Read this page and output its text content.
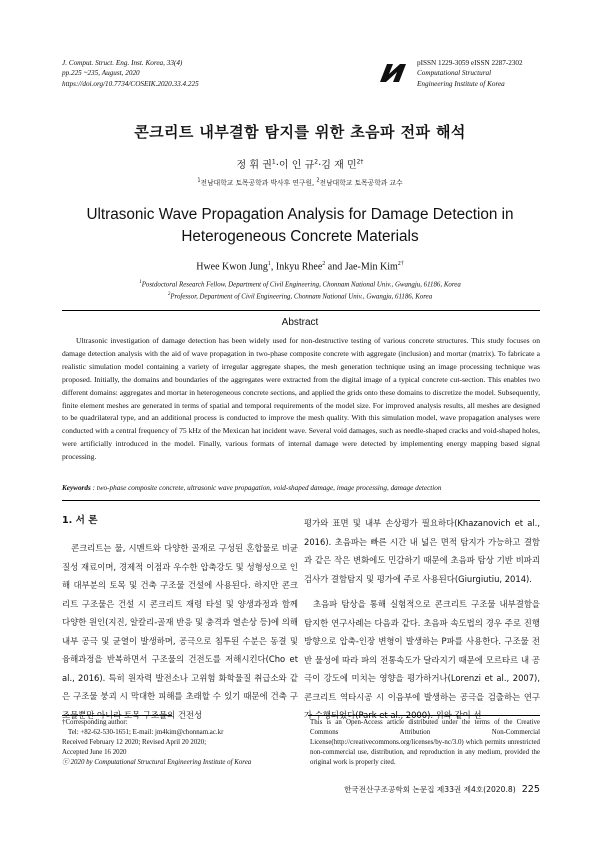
J. Comput. Struct. Eng. Inst. Korea, 33(4)
pp.225 ~235, August, 2020
https://doi.org/10.7734/COSEIK.2020.33.4.225
pISSN 1229-3059 eISSN 2287-2302
Computational Structural
Engineering Institute of Korea
콘크리트 내부결함 탐지를 위한 초음파 전파 해석
정 휘 권$^1$·이 인 규$^2$·김 재 민$^{2\dagger}$
$^1$전남대학교 토목공학과 박사후 연구원, $^2$전남대학교 토목공학과 교수
Ultrasonic Wave Propagation Analysis for Damage Detection in
Heterogeneous Concrete Materials
Hwee Kwon Jung$^1$, Inkyu Rhee$^2$ and Jae-Min Kim$^{2\dagger}$
$^1$Postdoctoral Research Fellow, Department of Civil Engineering, Chonnam National Univ., Gwangju, 61186, Korea
$^2$Professor, Department of Civil Engineering, Chonnam National Univ., Gwangju, 61186, Korea
Abstract

Ultrasonic investigation of damage detection has been widely used for non-destructive testing of various concrete structures. This study focuses on damage detection analysis with the aid of wave propagation in two-phase composite concrete with aggregate (inclusion) and mortar (matrix). To fabricate a realistic simulation model containing a variety of irregular aggregate shapes, the mesh generation technique using an image processing technique was proposed. Initially, the domains and boundaries of the aggregates were extracted from the digital image of a typical concrete cut-section. This enables two different domains: aggregates and mortar in heterogeneous concrete sections, and applied the grids onto these domains to discretize the model. Subsequently, finite element meshes are generated in terms of spatial and temporal requirements of the model size. For improved analysis results, all meshes are designed to be quadrilateral type, and an additional process is conducted to improve the mesh quality. With this simulation model, wave propagation analyses were conducted with a central frequency of 75 kHz of the Mexican hat incident wave. Several void damages, such as needle-shaped cracks and void-shaped holes, were artificially introduced in the model. Finally, various formats of internal damage were detected by implementing energy mapping based signal processing.

Keywords : two-phase composite concrete, ultrasonic wave propagation, void-shaped damage, image processing, damage detection
1. 서 론

콘크리트는 물, 시멘트와 다양한 골재로 구성된 혼합물로 비균질성 재료이며, 경제적 이점과 우수한 압축강도 및 성형성으로 인해 대부분의 토목 및 건축 구조물 건설에 사용된다. 하지만 콘크리트 구조물은 건설 시 콘크리트 재령 타설 및 양생과정과 함께 다양한 원인(지진, 알칼리-골재 반응 및 충격과 열손상 등)에 의해 내부 공극 및 균열이 발생하며, 공극으로 침투된 수분은 동결 및 융해과정을 반복하면서 구조물의 건전도를 저해시킨다(Cho et al., 2016). 특히 원자력 발전소나 고위험 화학물질 취급소와 같은 구조물 붕괴 시 막대한 피해를 초래할 수 있기 때문에 건축 구조물뿐만 아니라 토목 구조물의 건전성

평가와 표면 및 내부 손상평가 필요하다(Khazanovich et al., 2016). 초음파는 빠른 시간 내 넓은 면적 탐지가 가능하고 결함과 같은 작은 변화에도 민감하기 때문에 초음파 탐상 기반 비파괴 검사가 결함탐지 및 평가에 주로 사용된다(Giurgiutiu, 2014).

초음파 탐상을 통해 실험적으로 콘크리트 구조물 내부결함을 탐지한 연구사례는 다음과 같다. 초음파 속도법의 경우 주로 진행방향으로 압축-인장 변형이 발생하는 P파를 사용한다. 구조물 전반 물성에 따라 파의 전통속도가 달라지기 때문에 모르타르 내 공극이 강도에 미치는 영향을 평가하거나(Lorenzi et al., 2007), 콘크리트 역타시공 시 이음부에 발생하는 공극을 검출하는 연구가 수행되었다(Park et al., 2000). 위와 같이 선

†Corresponding author:
Tel: +82-62-530-1651; E-mail: jm4kim@chonnam.ac.kr
Received February 12 2020; Revised April 20 2020;
Accepted June 16 2020
ⓒ 2020 by Computational Structural Engineering Institute of Korea
This is an Open-Access article distributed under the terms of the Creative Commons Attribution Non-Commercial License(http://creativecommons.org/licenses/by-nc/3.0) which permits unrestricted non-commercial use, distribution, and reproduction in any medium, provided the original work is properly cited.
한국전산구조공학회 논문집 제33권 제4호(2020.8) 225
